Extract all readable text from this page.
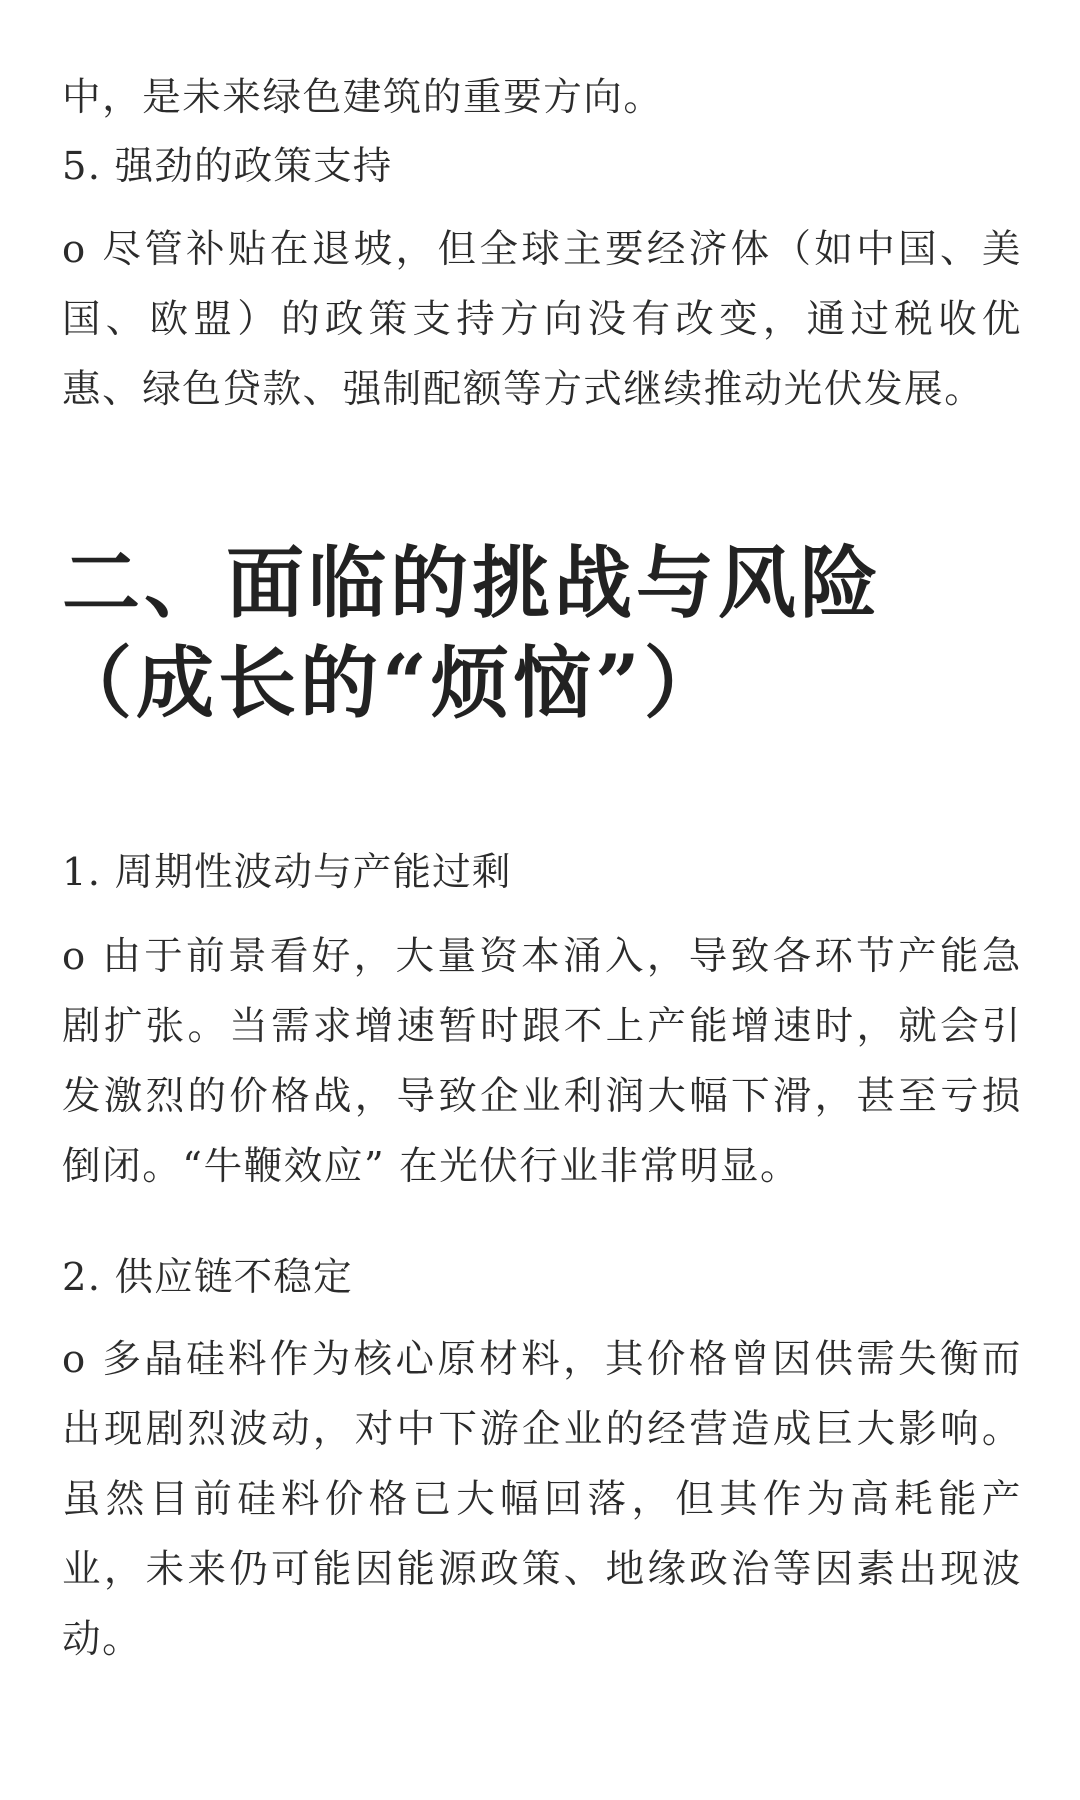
中，是未来绿色建筑的重要方向。

5. 强劲的政策支持

o 尽管补贴在退坡，但全球主要经济体（如中国、美国、欧盟）的政策支持方向没有改变，通过税收优惠、绿色贷款、强制配额等方式继续推动光伏发展。

二、面临的挑战与风险
（成长的“烦恼”）

1. 周期性波动与产能过剩

o 由于前景看好，大量资本涌入，导致各环节产能急剧扩张。当需求增速暂时跟不上产能增速时，就会引发激烈的价格战，导致企业利润大幅下滑，甚至亏损倒闭。“牛鞭效应” 在光伏行业非常明显。

2. 供应链不稳定

o 多晶硅料作为核心原材料，其价格曾因供需失衡而出现剧烈波动，对中下游企业的经营造成巨大影响。虽然目前硅料价格已大幅回落，但其作为高耗能产业，未来仍可能因能源政策、地缘政治等因素出现波动。
